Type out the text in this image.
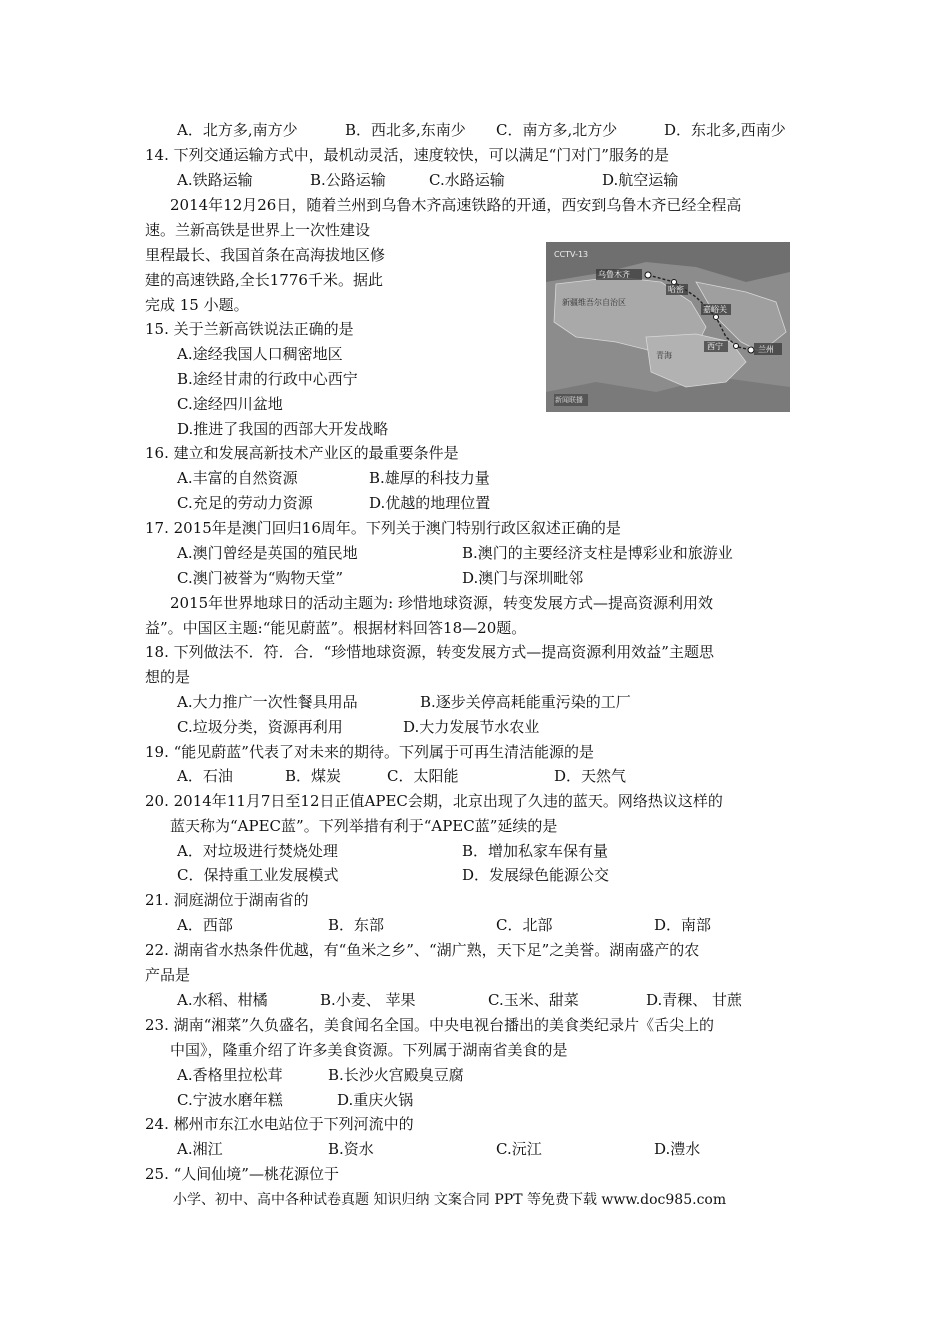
A．北方多,南方少	B．西北多,东南少 C．南方多,北方少	D．东北多,西南少
14. 下列交通运输方式中，最机动灵活，速度较快，可以满足“门对门”服务的是
A.铁路运输	B.公路运输	C.水路运输	D.航空运输
2014年12月26日，随着兰州到乌鲁木齐高速铁路的开通，西安到乌鲁木齐已经全程高
速。兰新高铁是世界上一次性建设
里程最长、我国首条在高海拔地区修
建的高速铁路,全长1776千米。据此
完成 15 小题。
CCTV-13
乌鲁木齐
哈密
嘉峪关
西宁	兰州
新疆维吾尔自治区
青海
新闻联播
15. 关于兰新高铁说法正确的是
A.途经我国人口稠密地区
B.途经甘肃的行政中心西宁
C.途经四川盆地
D.推进了我国的西部大开发战略
16. 建立和发展高新技术产业区的最重要条件是
A.丰富的自然资源	B.雄厚的科技力量
C.充足的劳动力资源	D.优越的地理位置
17. 2015年是澳门回归16周年。下列关于澳门特别行政区叙述正确的是
A.澳门曾经是英国的殖民地	B.澳门的主要经济支柱是博彩业和旅游业
C.澳门被誉为“购物天堂”	D.澳门与深圳毗邻
2015年世界地球日的活动主题为: 珍惜地球资源，转变发展方式—提高资源利用效
益”。中国区主题:“能见蔚蓝”。根据材料回答18—20题。
18. 下列做法不．符．合．“珍惜地球资源，转变发展方式—提高资源利用效益”主题思
想的是
A.大力推广一次性餐具用品	B.逐步关停高耗能重污染的工厂
C.垃圾分类，资源再利用	D.大力发展节水农业
19. “能见蔚蓝”代表了对未来的期待。下列属于可再生清洁能源的是
A．石油	B．煤炭	C．太阳能	D．天然气
20. 2014年11月7日至12日正值APEC会期，北京出现了久违的蓝天。网络热议这样的
蓝天称为“APEC蓝”。下列举措有利于“APEC蓝”延续的是
A．对垃圾进行焚烧处理	B．增加私家车保有量
C．保持重工业发展模式	D．发展绿色能源公交
21. 洞庭湖位于湖南省的
A．西部	B．东部	C．北部	D．南部
22. 湖南省水热条件优越，有“鱼米之乡”、“湖广熟，天下足”之美誉。湖南盛产的农
产品是
A.水稻、柑橘	B.小麦、 苹果	C.玉米、甜菜	D.青稞、 甘蔗
23. 湖南“湘菜”久负盛名，美食闻名全国。中央电视台播出的美食类纪录片《舌尖上的
中国》，隆重介绍了许多美食资源。下列属于湖南省美食的是
A.香格里拉松茸	B.长沙火宫殿臭豆腐
C.宁波水磨年糕	D.重庆火锅
24. 郴州市东江水电站位于下列河流中的
A.湘江	B.资水	C.沅江	D.澧水
25. “人间仙境”—桃花源位于
小学、初中、高中各种试卷真题 知识归纳 文案合同 PPT 等免费下载 www.doc985.com
